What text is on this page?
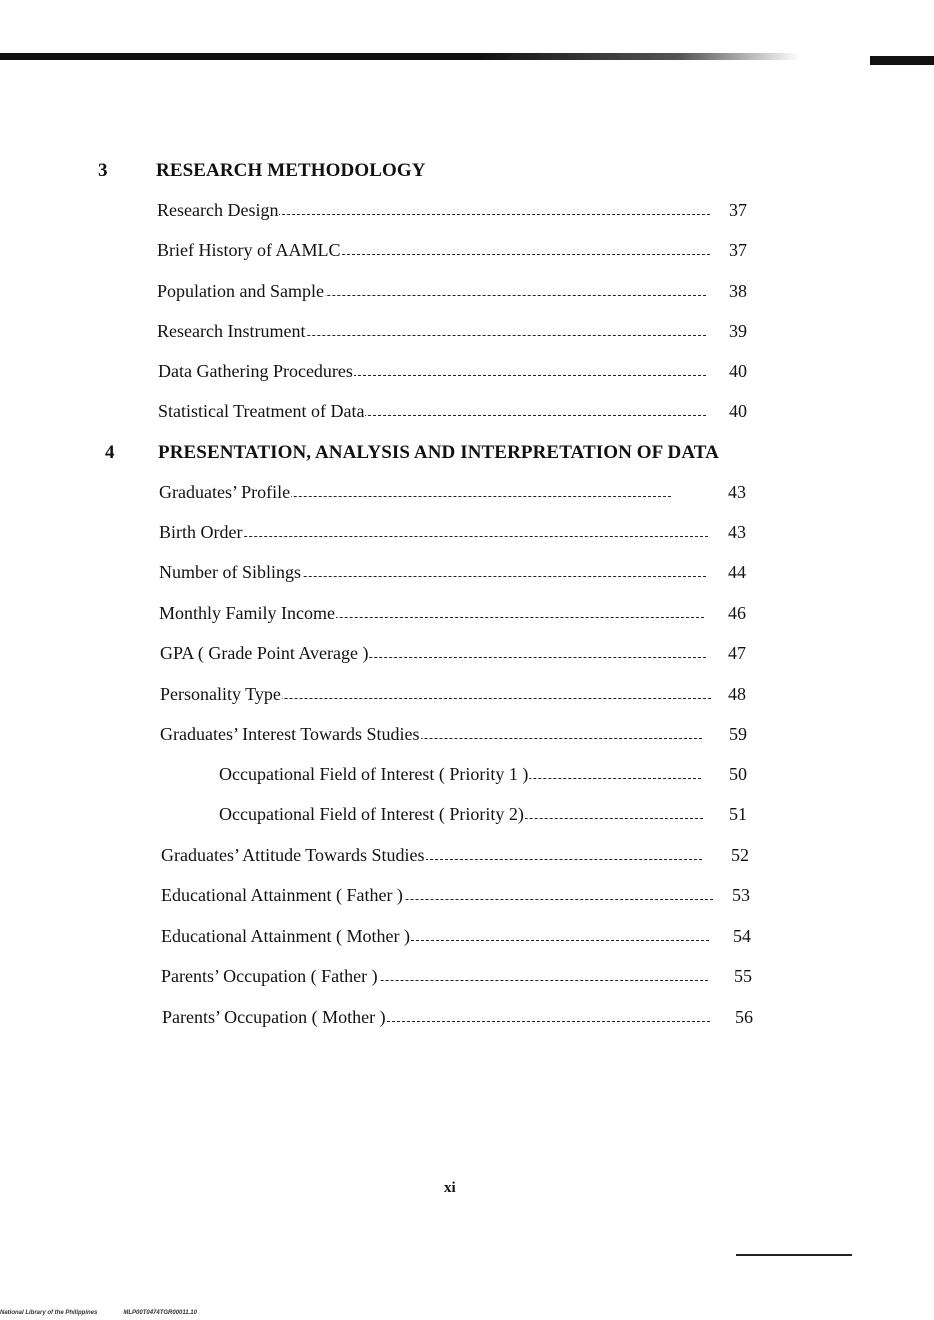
3	RESEARCH METHODOLOGY
Research Design	37
Brief History of AAMLC	37
Population and Sample	38
Research Instrument	39
Data Gathering Procedures	40
Statistical Treatment of Data	40
4 PRESENTATION, ANALYSIS AND INTERPRETATION OF DATA
Graduates’ Profile	43
Birth Order	43
Number of Siblings	44
Monthly Family Income	46
GPA ( Grade Point Average )	47
Personality Type	48
Graduates’ Interest Towards Studies	59
Occupational Field of Interest ( Priority 1 )	50
Occupational Field of Interest ( Priority 2)	51
Graduates’ Attitude Towards Studies	52
Educational Attainment ( Father )	53
Educational Attainment ( Mother )	54
Parents’ Occupation ( Father )	55
Parents’ Occupation ( Mother )	56
xi
National Library of the Philippines	MLP00T0474TGR00011.10
